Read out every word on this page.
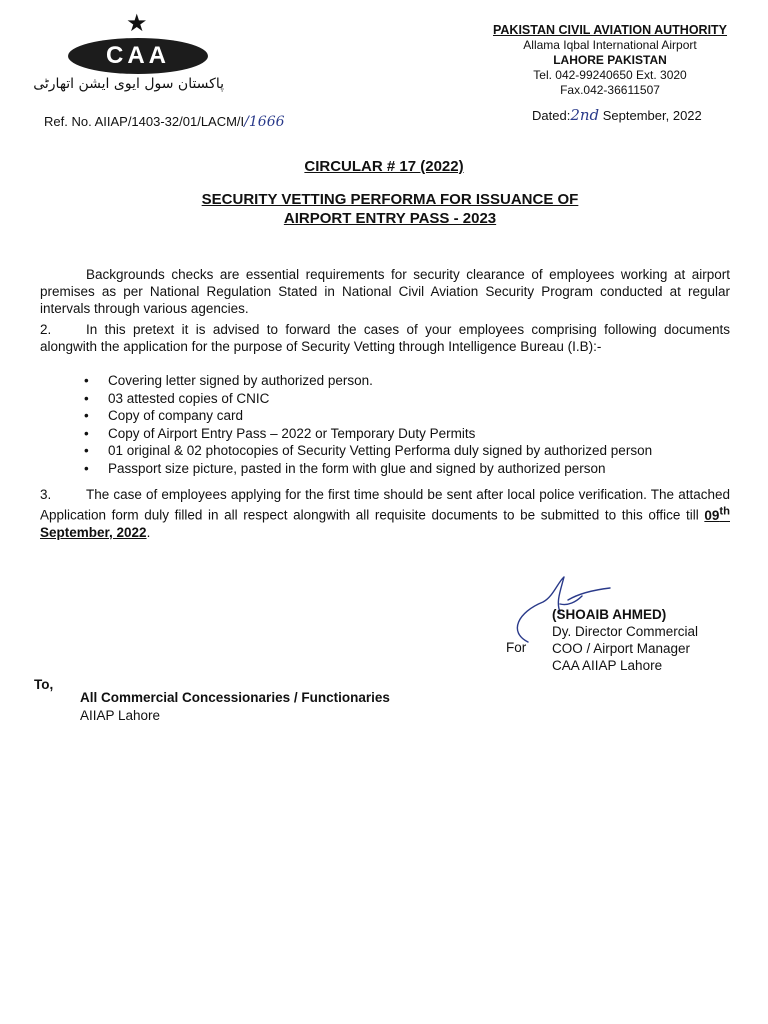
★
CAA
پاکستان سول ایوی ایشن اتھارٹی
PAKISTAN CIVIL AVIATION AUTHORITY
Allama Iqbal International Airport
LAHORE PAKISTAN
Tel. 042-99240650 Ext. 3020
Fax.042-36611507
Ref. No. AIIAP/1403-32/01/LACM/I/1666	Dated:2nd September, 2022
CIRCULAR # 17 (2022)
SECURITY VETTING PERFORMA FOR ISSUANCE OF
AIRPORT ENTRY PASS - 2023
Backgrounds checks are essential requirements for security clearance of employees working at airport premises as per National Regulation Stated in National Civil Aviation Security Program conducted at regular intervals through various agencies.
2.	In this pretext it is advised to forward the cases of your employees comprising following documents alongwith the application for the purpose of Security Vetting through Intelligence Bureau (I.B):-
• Covering letter signed by authorized person.
• 03 attested copies of CNIC
• Copy of company card
• Copy of Airport Entry Pass – 2022 or Temporary Duty Permits
• 01 original & 02 photocopies of Security Vetting Performa duly signed by authorized person
• Passport size picture, pasted in the form with glue and signed by authorized person
3.	The case of employees applying for the first time should be sent after local police verification. The attached Application form duly filled in all respect alongwith all requisite documents to be submitted to this office till 09th September, 2022.
For
(SHOAIB AHMED)
Dy. Director Commercial
COO / Airport Manager
CAA AIIAP Lahore
To,
All Commercial Concessionaries / Functionaries
AIIAP Lahore
